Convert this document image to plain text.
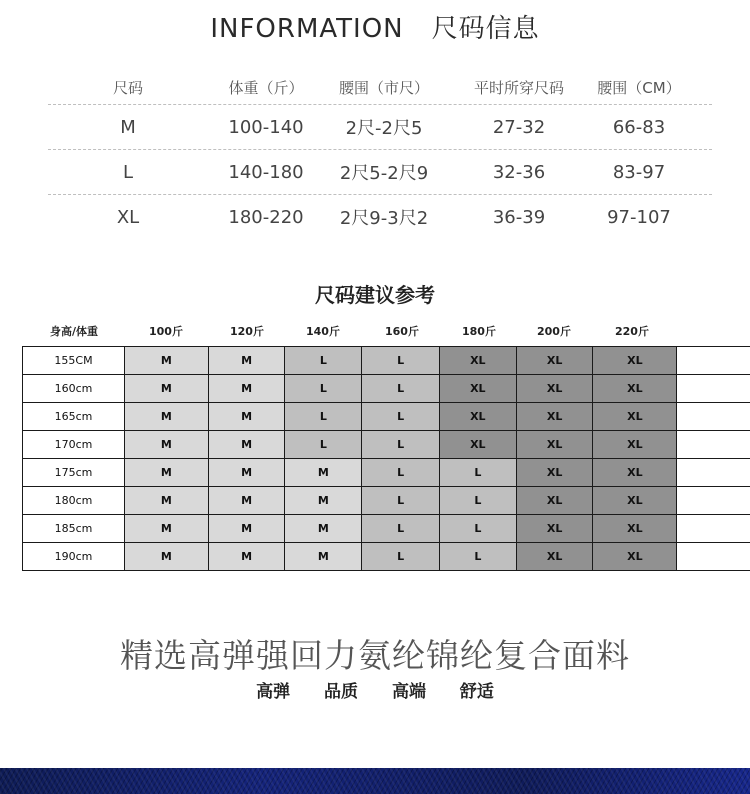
INFORMATION 尺码信息
尺码	体重（斤）	腰围（市尺）	平时所穿尺码	腰围（CM）
M	100-140	2尺-2尺5	27-32	66-83
L	140-180	2尺5-2尺9	32-36	83-97
XL	180-220	2尺9-3尺2	36-39	97-107
尺码建议参考
身高/体重	100斤	120斤	140斤	160斤	180斤	200斤	220斤
155CM	M	M	L	L	XL	XL	XL	
160cm	M	M	L	L	XL	XL	XL	
165cm	M	M	L	L	XL	XL	XL	
170cm	M	M	L	L	XL	XL	XL	
175cm	M	M	M	L	L	XL	XL	
180cm	M	M	M	L	L	XL	XL	
185cm	M	M	M	L	L	XL	XL	
190cm	M	M	M	L	L	XL	XL	
精选高弹强回力氨纶锦纶复合面料
高弹 品质 高端 舒适
